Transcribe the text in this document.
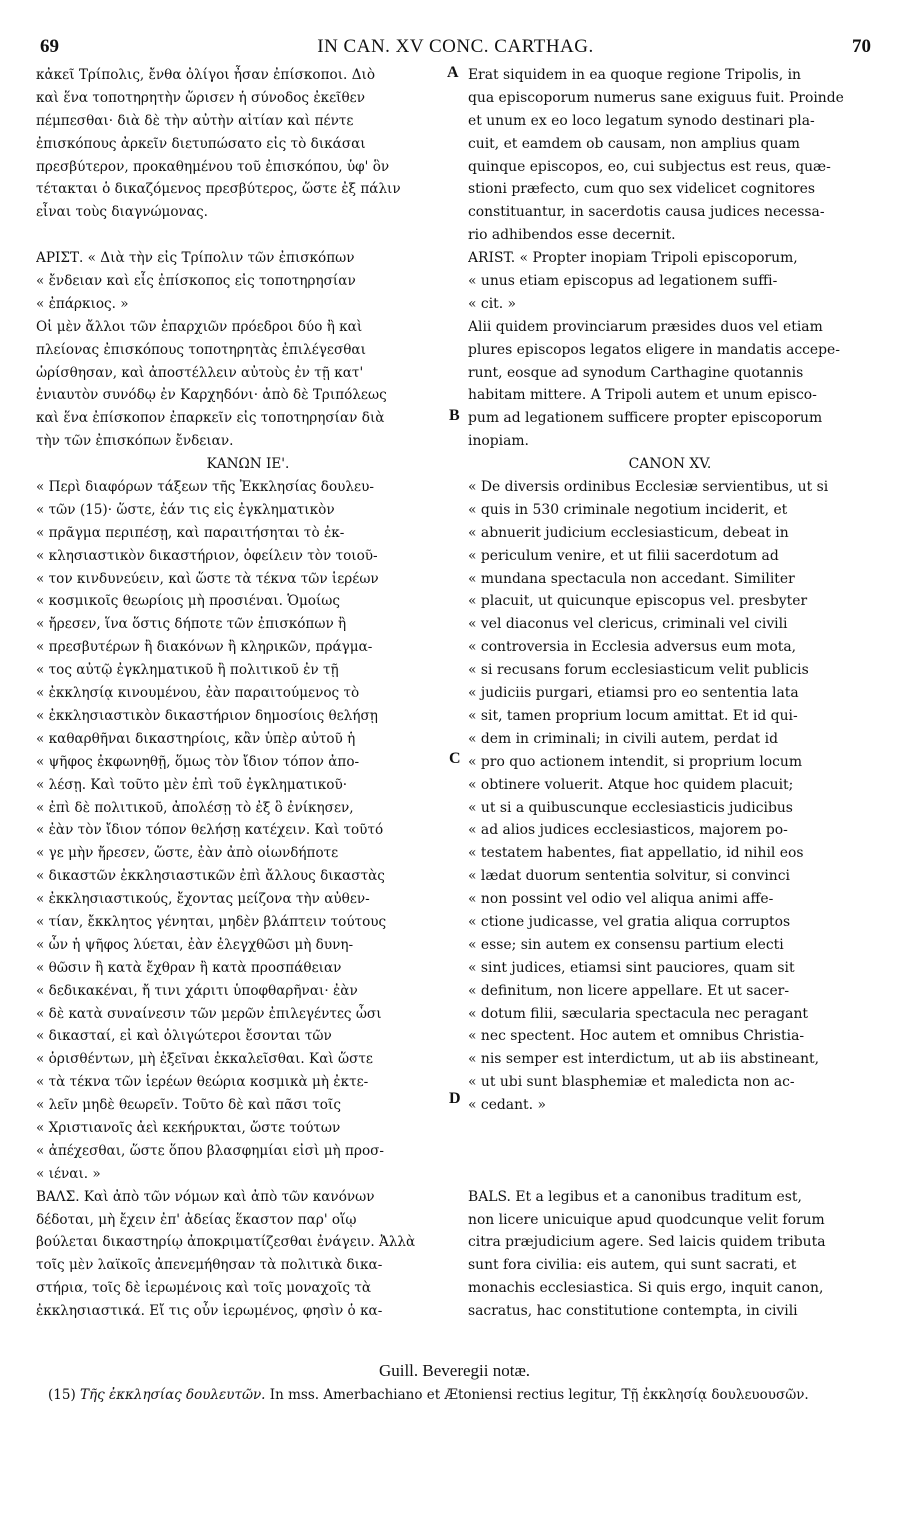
69	IN CAN. XV CONC. CARTHAG.	70
κἀκεῖ Τρίπολις, ἔνθα ὀλίγοι ἦσαν ἐπίσκοποι. Διὸ
καὶ ἕνα τοποτηρητὴν ὥρισεν ἡ σύνοδος ἐκεῖθεν
πέμπεσθαι· διὰ δὲ τὴν αὐτὴν αἰτίαν καὶ πέντε
ἐπισκόπους ἀρκεῖν διετυπώσατο εἰς τὸ δικάσαι
πρεσβύτερον, προκαθημένου τοῦ ἐπισκόπου, ὑφ' ὃν
τέτακται ὁ δικαζόμενος πρεσβύτερος, ὥστε ἐξ πάλιν
εἶναι τοὺς διαγνώμονας.
ΑΡΙΣΤ. « Διὰ τὴν εἰς Τρίπολιν τῶν ἐπισκόπων
« ἔνδειαν καὶ εἷς ἐπίσκοπος εἰς τοποτηρησίαν
« ἐπάρκιος. »
Οἱ μὲν ἄλλοι τῶν ἐπαρχιῶν πρόεδροι δύο ἢ καὶ
πλείονας ἐπισκόπους τοποτηρητὰς ἐπιλέγεσθαι
ὡρίσθησαν, καὶ ἀποστέλλειν αὐτοὺς ἐν τῇ κατ'
ἐνιαυτὸν συνόδῳ ἐν Καρχηδόνι· ἀπὸ δὲ Τριπόλεως
καὶ ἕνα ἐπίσκοπον ἐπαρκεῖν εἰς τοποτηρησίαν διὰ
τὴν τῶν ἐπισκόπων ἔνδειαν.
ΚΑΝΩΝ ΙΕ'.
« Περὶ διαφόρων τάξεων τῆς Ἐκκλησίας δουλευ-
« τῶν (15)· ὥστε, ἐάν τις εἰς ἐγκληματικὸν
« πρᾶγμα περιπέσῃ, καὶ παραιτήσηται τὸ ἐκ-
« κλησιαστικὸν δικαστήριον, ὀφείλειν τὸν τοιοῦ-
« τον κινδυνεύειν, καὶ ὥστε τὰ τέκνα τῶν ἱερέων
« κοσμικοῖς θεωρίοις μὴ προσιέναι. Ὁμοίως
« ἤρεσεν, ἵνα ὅστις δήποτε τῶν ἐπισκόπων ἢ
« πρεσβυτέρων ἢ διακόνων ἢ κληρικῶν, πράγμα-
« τος αὐτῷ ἐγκληματικοῦ ἢ πολιτικοῦ ἐν τῇ
« ἐκκλησίᾳ κινουμένου, ἐὰν παραιτούμενος τὸ
« ἐκκλησιαστικὸν δικαστήριον δημοσίοις θελήσῃ
« καθαρθῆναι δικαστηρίοις, κἂν ὑπὲρ αὐτοῦ ἡ
« ψῆφος ἐκφωνηθῇ, ὅμως τὸν ἴδιον τόπον ἀπο-
« λέσῃ. Καὶ τοῦτο μὲν ἐπὶ τοῦ ἐγκληματικοῦ·
« ἐπὶ δὲ πολιτικοῦ, ἀπολέσῃ τὸ ἐξ ὃ ἐνίκησεν,
« ἐὰν τὸν ἴδιον τόπον θελήσῃ κατέχειν. Καὶ τοῦτό
« γε μὴν ἤρεσεν, ὥστε, ἐὰν ἀπὸ οἱωνδήποτε
« δικαστῶν ἐκκλησιαστικῶν ἐπὶ ἄλλους δικαστὰς
« ἐκκλησιαστικούς, ἔχοντας μείζονα τὴν αὐθεν-
« τίαν, ἔκκλητος γένηται, μηδὲν βλάπτειν τούτους
« ὧν ἡ ψῆφος λύεται, ἐὰν ἐλεγχθῶσι μὴ δυνη-
« θῶσιν ἢ κατὰ ἔχθραν ἢ κατὰ προσπάθειαν
« δεδικακέναι, ἤ τινι χάριτι ὑποφθαρῆναι· ἐὰν
« δὲ κατὰ συναίνεσιν τῶν μερῶν ἐπιλεγέντες ὦσι
« δικασταί, εἰ καὶ ὀλιγώτεροι ἔσονται τῶν
« ὁρισθέντων, μὴ ἐξεῖναι ἐκκαλεῖσθαι. Καὶ ὥστε
« τὰ τέκνα τῶν ἱερέων θεώρια κοσμικὰ μὴ ἐκτε-
« λεῖν μηδὲ θεωρεῖν. Τοῦτο δὲ καὶ πᾶσι τοῖς
« Χριστιανοῖς ἀεὶ κεκήρυκται, ὥστε τούτων
« ἀπέχεσθαι, ὥστε ὅπου βλασφημίαι εἰσὶ μὴ προσ-
« ιέναι. »
ΒΑΛΣ. Καὶ ἀπὸ τῶν νόμων καὶ ἀπὸ τῶν κανόνων
δέδοται, μὴ ἔχειν ἐπ' ἀδείας ἕκαστον παρ' οἵῳ
βούλεται δικαστηρίῳ ἀποκριματίζεσθαι ἐνάγειν. Ἀλλὰ
τοῖς μὲν λαϊκοῖς ἀπενεμήθησαν τὰ πολιτικὰ δικα-
στήρια, τοῖς δὲ ἱερωμένοις καὶ τοῖς μοναχοῖς τὰ
ἐκκλησιαστικά. Εἴ τις οὖν ἱερωμένος, φησὶν ὁ κα-
Erat siquidem in ea quoque regione Tripolis, in
qua episcoporum numerus sane exiguus fuit. Proinde
et unum ex eo loco legatum synodo destinari pla-
cuit, et eamdem ob causam, non amplius quam
quinque episcopos, eo, cui subjectus est reus, quæ-
stioni præfecto, cum quo sex videlicet cognitores
constituantur, in sacerdotis causa judices necessa-
rio adhibendos esse decernit.
ARIST. « Propter inopiam Tripoli episcoporum,
« unus etiam episcopus ad legationem suffi-
« cit. »
Alii quidem provinciarum præsides duos vel etiam
plures episcopos legatos eligere in mandatis accepe-
runt, eosque ad synodum Carthagine quotannis
habitam mittere. A Tripoli autem et unum episco-
pum ad legationem sufficere propter episcoporum
inopiam.
CANON XV.
« De diversis ordinibus Ecclesiæ servientibus, ut si
« quis in 530 criminale negotium inciderit, et
« abnuerit judicium ecclesiasticum, debeat in
« periculum venire, et ut filii sacerdotum ad
« mundana spectacula non accedant. Similiter
« placuit, ut quicunque episcopus vel. presbyter
« vel diaconus vel clericus, criminali vel civili
« controversia in Ecclesia adversus eum mota,
« si recusans forum ecclesiasticum velit publicis
« judiciis purgari, etiamsi pro eo sententia lata
« sit, tamen proprium locum amittat. Et id qui-
« dem in criminali; in civili autem, perdat id
« pro quo actionem intendit, si proprium locum
« obtinere voluerit. Atque hoc quidem placuit;
« ut si a quibuscunque ecclesiasticis judicibus
« ad alios judices ecclesiasticos, majorem po-
« testatem habentes, fiat appellatio, id nihil eos
« lædat duorum sententia solvitur, si convinci
« non possint vel odio vel aliqua animi affe-
« ctione judicasse, vel gratia aliqua corruptos
« esse; sin autem ex consensu partium electi
« sint judices, etiamsi sint pauciores, quam sit
« definitum, non licere appellare. Et ut sacer-
« dotum filii, sæcularia spectacula nec peragant
« nec spectent. Hoc autem et omnibus Christia-
« nis semper est interdictum, ut ab iis abstineant,
« ut ubi sunt blasphemiæ et maledicta non ac-
« cedant. »
BALS. Et a legibus et a canonibus traditum est,
non licere unicuique apud quodcunque velit forum
citra præjudicium agere. Sed laicis quidem tributa
sunt fora civilia: eis autem, qui sunt sacrati, et
monachis ecclesiastica. Si quis ergo, inquit canon,
sacratus, hac constitutione contempta, in civili
A
B
C
D
Guill. Beveregii notæ.
(15) Τῆς ἐκκλησίας δουλευτῶν. In mss. Amerbachiano et Ætoniensi rectius legitur, Τῇ ἐκκλησίᾳ δουλευουσῶν.
